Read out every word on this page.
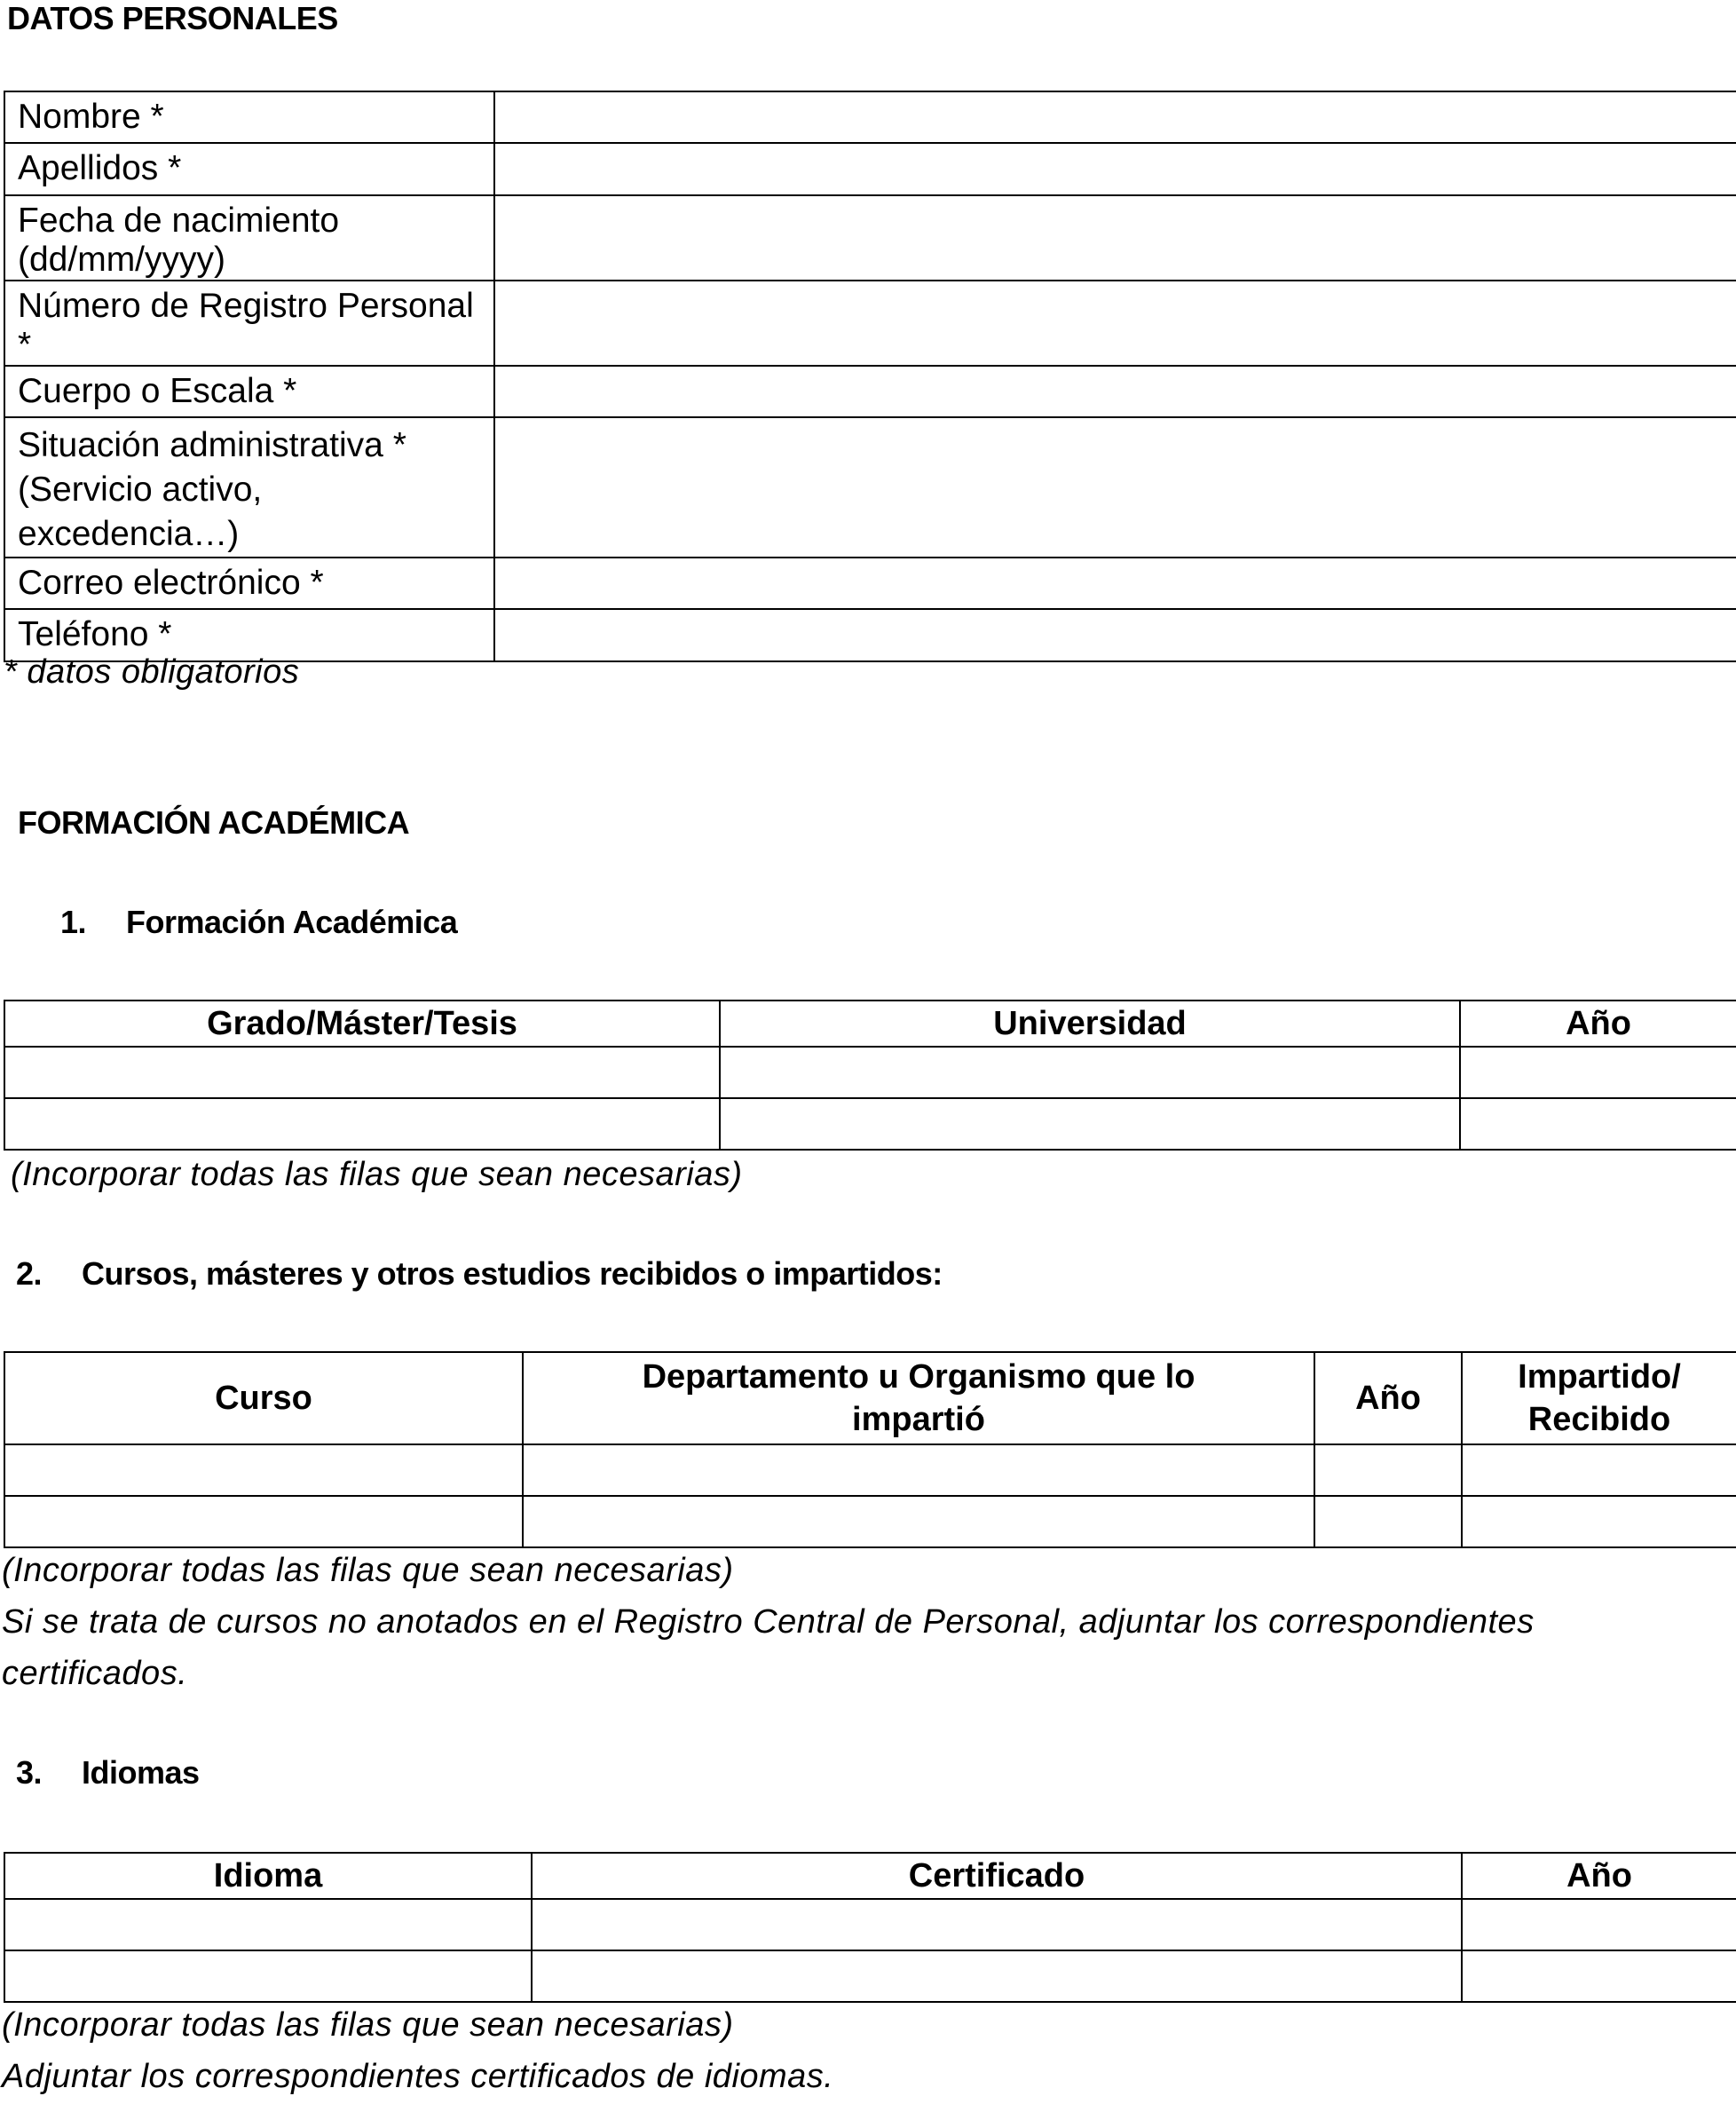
DATOS PERSONALES
Nombre *	
Apellidos *	
Fecha de nacimiento (dd/mm/yyyy)	
Número de Registro Personal *	
Cuerpo o Escala *	
Situación administrativa * (Servicio activo, excedencia…)	
Correo electrónico *	
Teléfono *	
* datos obligatorios
FORMACIÓN ACADÉMICA
1. Formación Académica
Grado/Máster/Tesis	Universidad	Año

(Incorporar todas las filas que sean necesarias)
2. Cursos, másteres y otros estudios recibidos o impartidos:
Curso	Departamento u Organismo que lo impartió	Año	Impartido/ Recibido

(Incorporar todas las filas que sean necesarias)
Si se trata de cursos no anotados en el Registro Central de Personal, adjuntar los correspondientes
certificados.
3. Idiomas
Idioma	Certificado	Año

(Incorporar todas las filas que sean necesarias)
Adjuntar los correspondientes certificados de idiomas.
